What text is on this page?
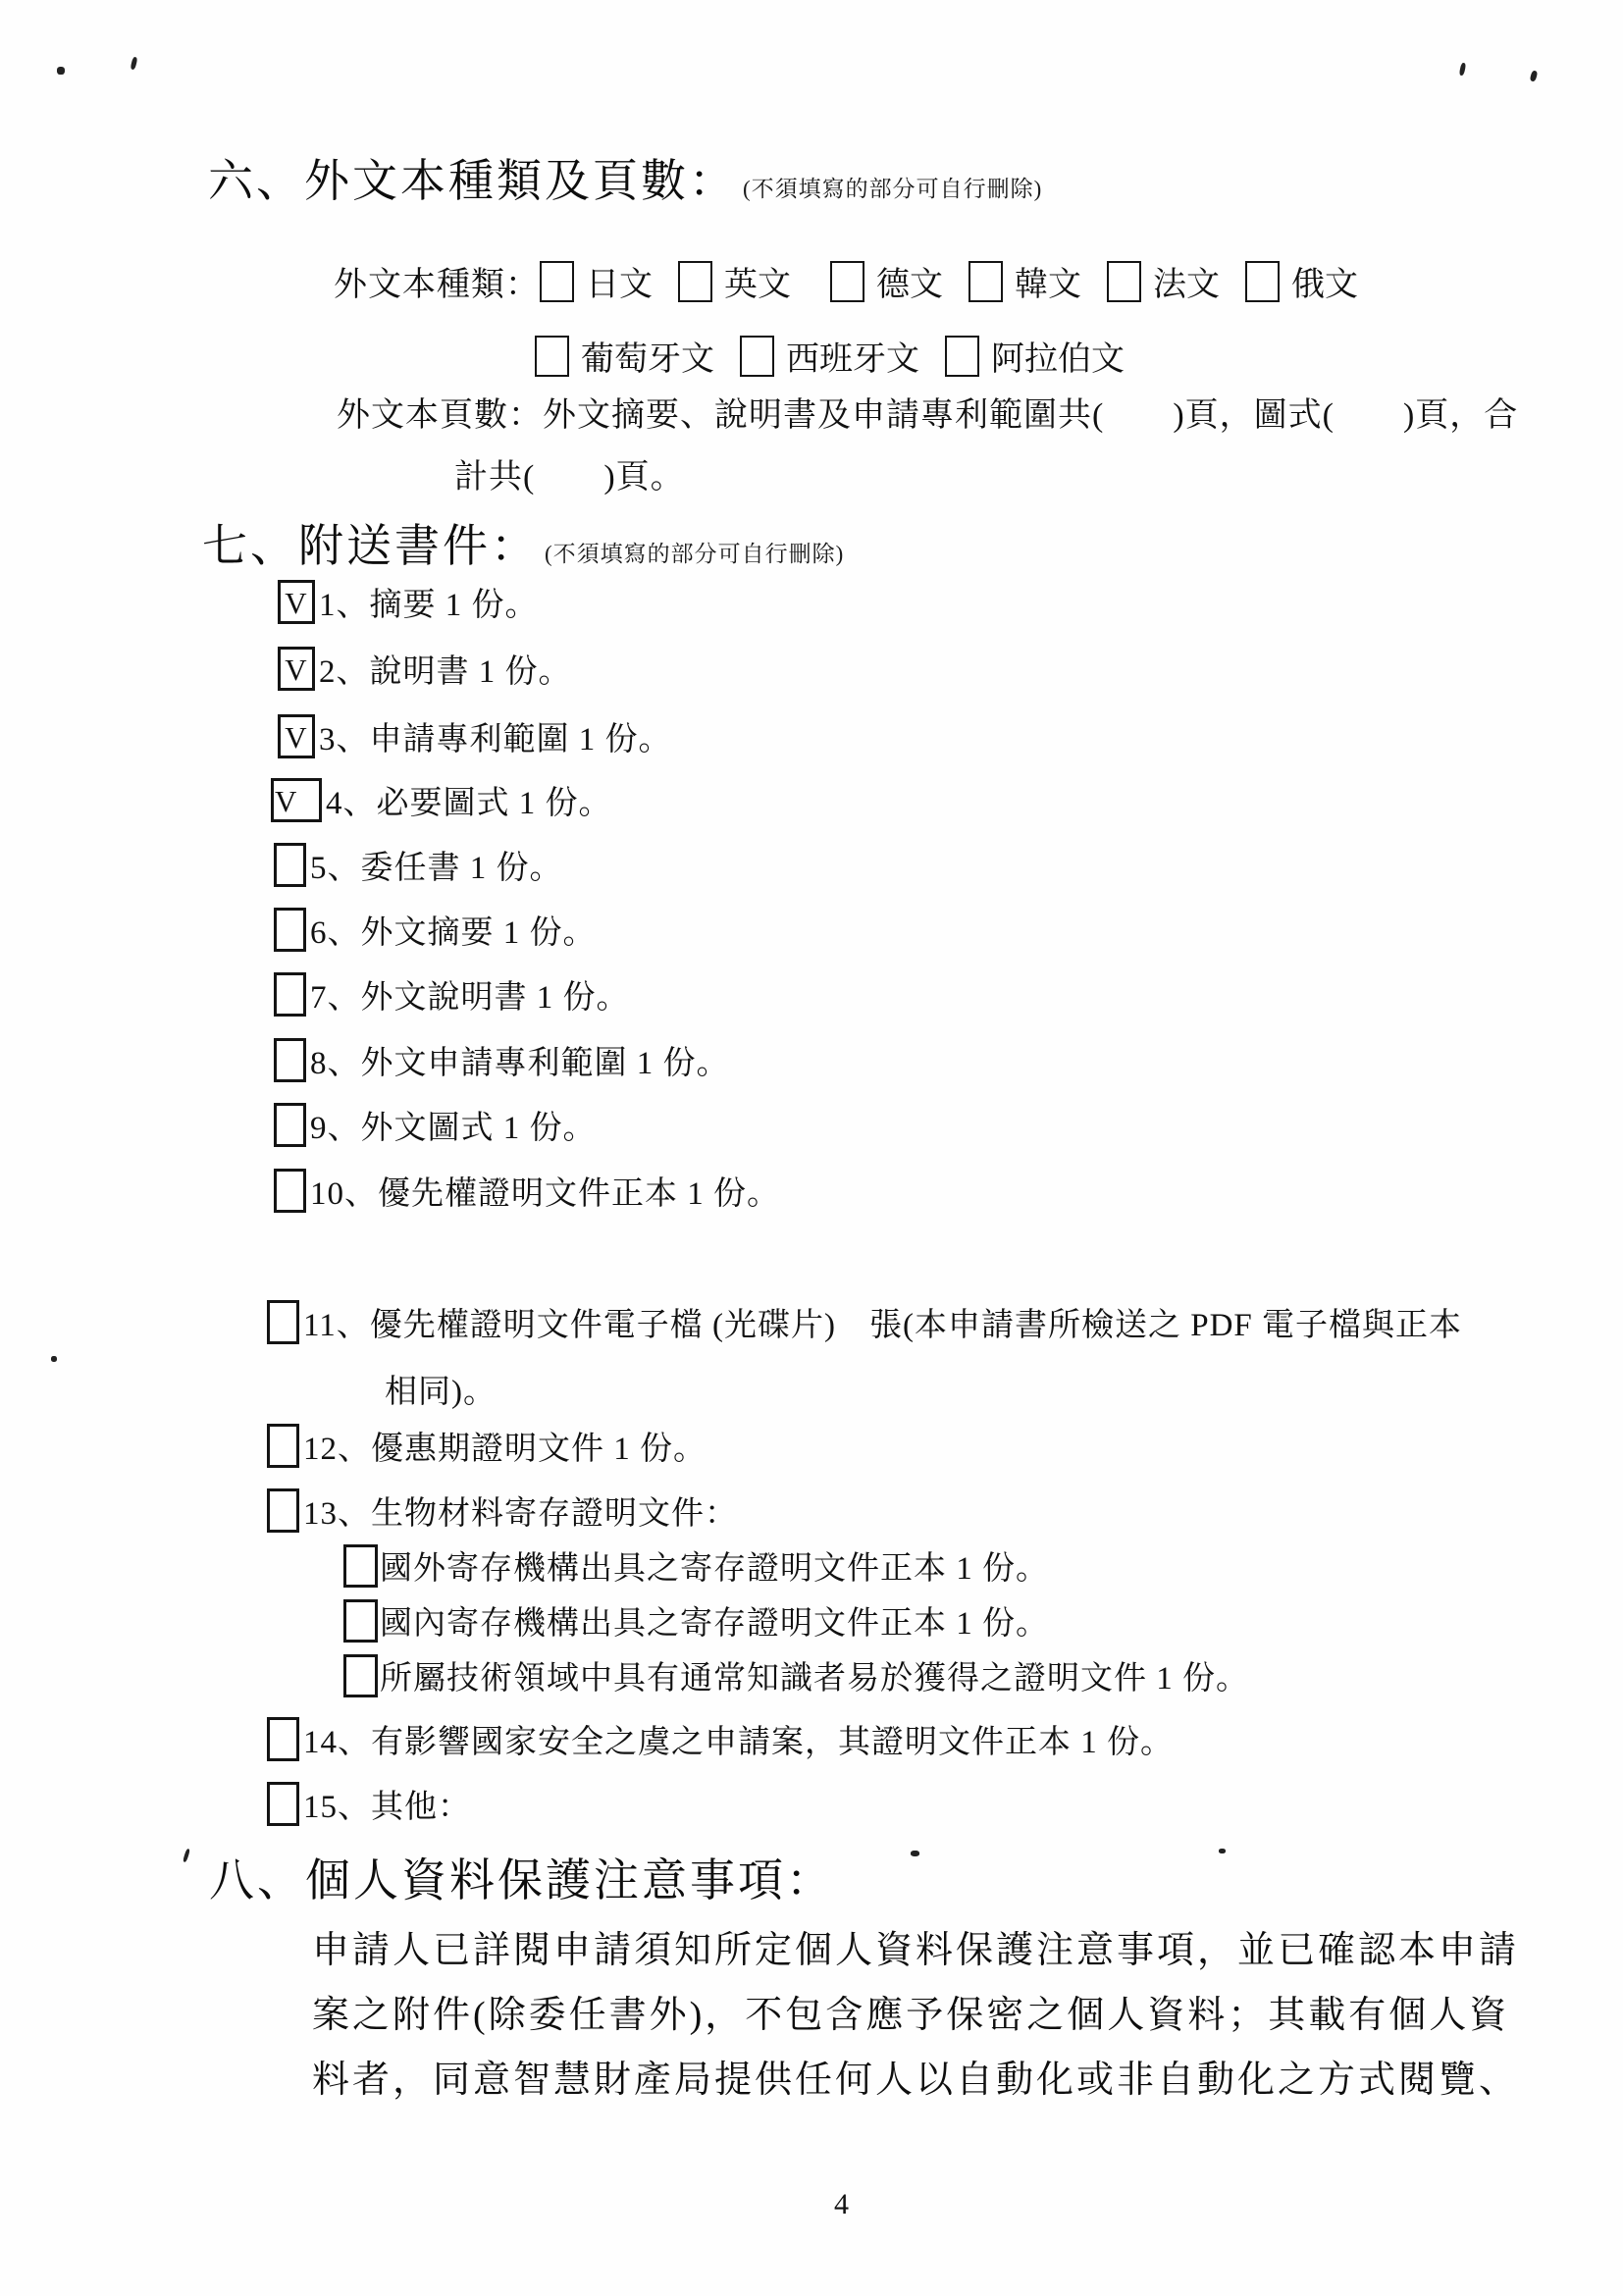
六、外文本種類及頁數： (不須填寫的部分可自行刪除)
外文本種類： 日文 英文	德文 韓文 法文 俄文
葡萄牙文 西班牙文 阿拉伯文
外文本頁數：外文摘要、說明書及申請專利範圍共(　　)頁，圖式(　　)頁，合
計共(　　)頁。
七、附送書件： (不須填寫的部分可自行刪除)
V 1、摘要 1 份。
V 2、說明書 1 份。
V 3、申請專利範圍 1 份。
V 4、必要圖式 1 份。
5、委任書 1 份。
6、外文摘要 1 份。
7、外文說明書 1 份。
8、外文申請專利範圍 1 份。
9、外文圖式 1 份。
10、優先權證明文件正本 1 份。
11、優先權證明文件電子檔 (光碟片)　張(本申請書所檢送之 PDF 電子檔與正本
相同)。
12、優惠期證明文件 1 份。
13、生物材料寄存證明文件：
國外寄存機構出具之寄存證明文件正本 1 份。
國內寄存機構出具之寄存證明文件正本 1 份。
所屬技術領域中具有通常知識者易於獲得之證明文件 1 份。
14、有影響國家安全之虞之申請案，其證明文件正本 1 份。
15、其他：
八、個人資料保護注意事項：
申請人已詳閱申請須知所定個人資料保護注意事項，並已確認本申請
案之附件(除委任書外)，不包含應予保密之個人資料；其載有個人資
料者，同意智慧財產局提供任何人以自動化或非自動化之方式閱覽、
4
